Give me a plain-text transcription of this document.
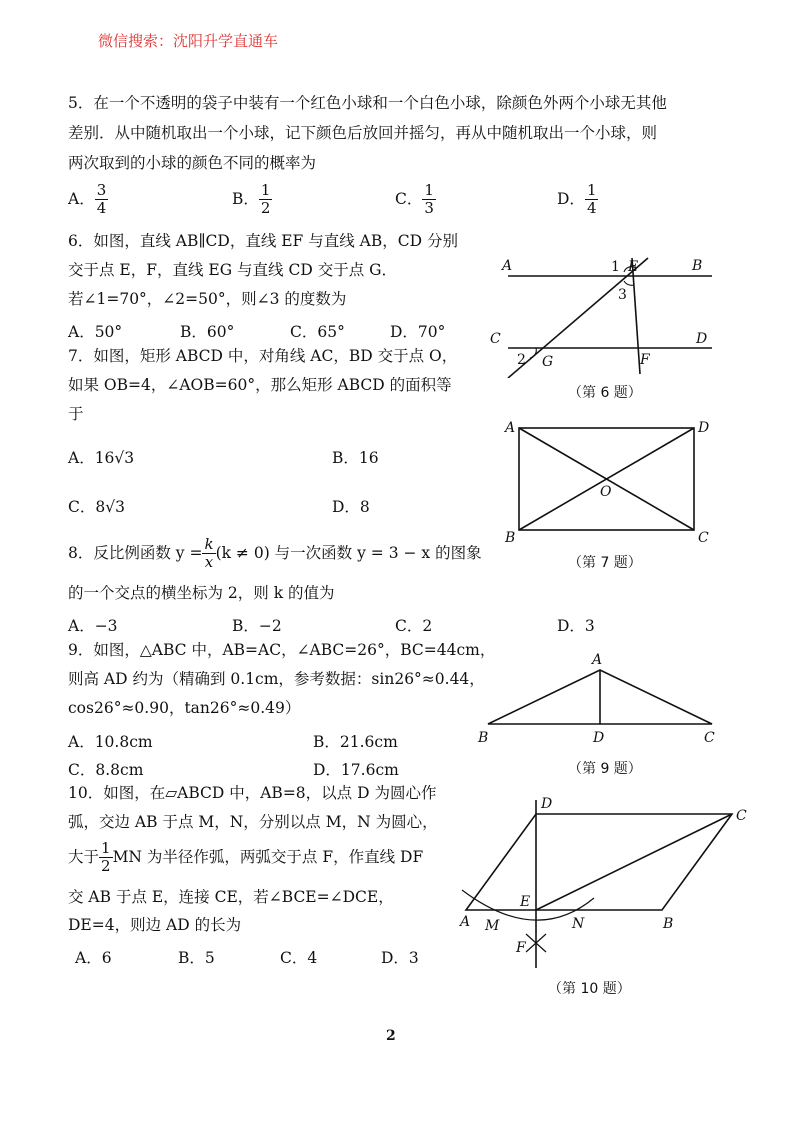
微信搜索：沈阳升学直通车
5．在一个不透明的袋子中装有一个红色小球和一个白色小球，除颜色外两个小球无其他
差别．从中随机取出一个小球，记下颜色后放回并摇匀，再从中随机取出一个小球，则
两次取到的小球的颜色不同的概率为
A． $\frac{3}{4}$	B． $\frac{1}{2}$	C． $\frac{1}{3}$	D． $\frac{1}{4}$
6．如图，直线 AB∥CD，直线 EF 与直线 AB，CD 分别
交于点 E，F，直线 EG 与直线 CD 交于点 G．
若∠1=70°，∠2=50°，则∠3 的度数为
A．50°	B．60°	C．65°	D．70°
A	B
C	D
E
F
G
1
2
3
（第 6 题）
7．如图，矩形 ABCD 中，对角线 AC，BD 交于点 O，
如果 OB=4，∠AOB=60°，那么矩形 ABCD 的面积等
于
A．16√3	B．16
C．8√3	D．8
A	D
B	C
O
（第 7 题）
8．反比例函数 $y = \frac{k}{x} (k \ne 0)$ 与一次函数 y = 3 − x 的图象
的一个交点的横坐标为 2，则 k 的值为
A．−3	B．−2	C．2	D．3
9．如图，△ABC 中，AB=AC，∠ABC=26°，BC=44cm，
则高 AD 约为（精确到 0.1cm，参考数据：sin26°≈0.44，
cos26°≈0.90，tan26°≈0.49）
A．10.8cm	B．21.6cm
C．8.8cm	D．17.6cm
A
B	D	C
（第 9 题）
10．如图，在▱ABCD 中，AB=8，以点 D 为圆心作
弧，交边 AB 于点 M，N，分别以点 M，N 为圆心，
大于 $\frac{1}{2}$ MN 为半径作弧，两弧交于点 F，作直线 DF
交 AB 于点 E，连接 CE，若∠BCE=∠DCE，
DE=4，则边 AD 的长为
A．6	B．5	C．4	D．3
D
C
A M
E
N	B
F
（第 10 题）
2
